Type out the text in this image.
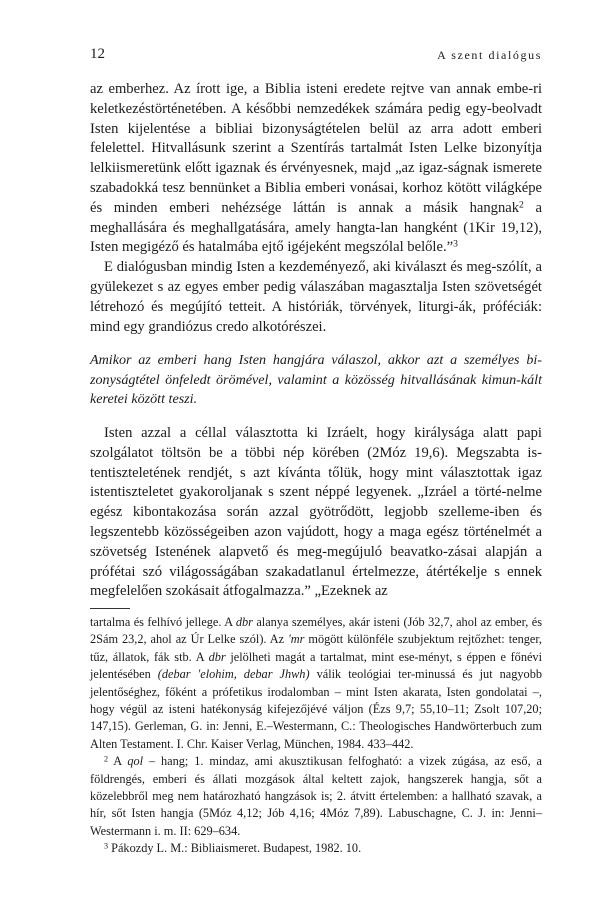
12	A szent dialógus

az emberhez. Az írott ige, a Biblia isteni eredete rejtve van annak embe-ri keletkezéstörténetében. A későbbi nemzedékek számára pedig egy-beolvadt Isten kijelentése a bibliai bizonyságtételen belül az arra adott emberi felelettel. Hitvallásunk szerint a Szentírás tartalmát Isten Lelke bizonyítja lelkiismeretünk előtt igaznak és érvényesnek, majd „az igaz-ságnak ismerete szabadokká tesz bennünket a Biblia emberi vonásai, korhoz kötött világképe és minden emberi nehézsége láttán is annak a másik hangnak$^2$ a meghallására és meghallgatására, amely hangta-lan hangként (1Kir 19,12), Isten megigéző és hatalmába ejtő igéjeként megszólal belőle.”$^3$

E dialógusban mindig Isten a kezdeményező, aki kiválaszt és meg-szólít, a gyülekezet s az egyes ember pedig válaszában magasztalja Isten szövetségét létrehozó és megújító tetteit. A históriák, törvények, liturgi-ák, próféciák: mind egy grandiózus credo alkotórészei.

Amikor az emberi hang Isten hangjára válaszol, akkor azt a személyes bi-zonyságtétel önfeledt örömével, valamint a közösség hitvallásának kimun-kált keretei között teszi.

Isten azzal a céllal választotta ki Izráelt, hogy királysága alatt papi szolgálatot töltsön be a többi nép körében (2Móz 19,6). Megszabta is-tentiszteletének rendjét, s azt kívánta tőlük, hogy mint választottak igaz istentiszteletet gyakoroljanak s szent néppé legyenek. „Izráel a törté-nelme egész kibontakozása során azzal gyötrődött, legjobb szelleme-iben és legszentebb közösségeiben azon vajúdott, hogy a maga egész történelmét a szövetség Istenének alapvető és meg-megújuló beavatko-zásai alapján a prófétai szó világosságában szakadatlanul értelmezze, átértékelje s ennek megfelelően szokásait átfogalmazza.” „Ezeknek az

tartalma és felhívó jellege. A dbr alanya személyes, akár isteni (Jób 32,7, ahol az ember, és 2Sám 23,2, ahol az Úr Lelke szól). Az 'mr mögött különféle szubjektum rejtőzhet: tenger, tűz, állatok, fák stb. A dbr jelölheti magát a tartalmat, mint ese-ményt, s éppen e főnévi jelentésében (debar 'elohim, debar Jhwh) válik teológiai ter-minussá és jut nagyobb jelentőséghez, főként a prófetikus irodalomban – mint Isten akarata, Isten gondolatai –, hogy végül az isteni hatékonyság kifejezőjévé váljon (Ézs 9,7; 55,10–11; Zsolt 107,20; 147,15). Gerleman, G. in: Jenni, E.–Westermann, C.: Theologisches Handwörterbuch zum Alten Testament. I. Chr. Kaiser Verlag, München, 1984. 433–442.

$^2$ A qol – hang; 1. mindaz, ami akusztikusan felfogható: a vizek zúgása, az eső, a földrengés, emberi és állati mozgások által keltett zajok, hangszerek hangja, sőt a közelebbről meg nem határozható hangzások is; 2. átvitt értelemben: a hallható szavak, a hír, sőt Isten hangja (5Móz 4,12; Jób 4,16; 4Móz 7,89). Labuschagne, C. J. in: Jenni–Westermann i. m. II: 629–634.

$^3$ Pákozdy L. M.: Bibliaismeret. Budapest, 1982. 10.
